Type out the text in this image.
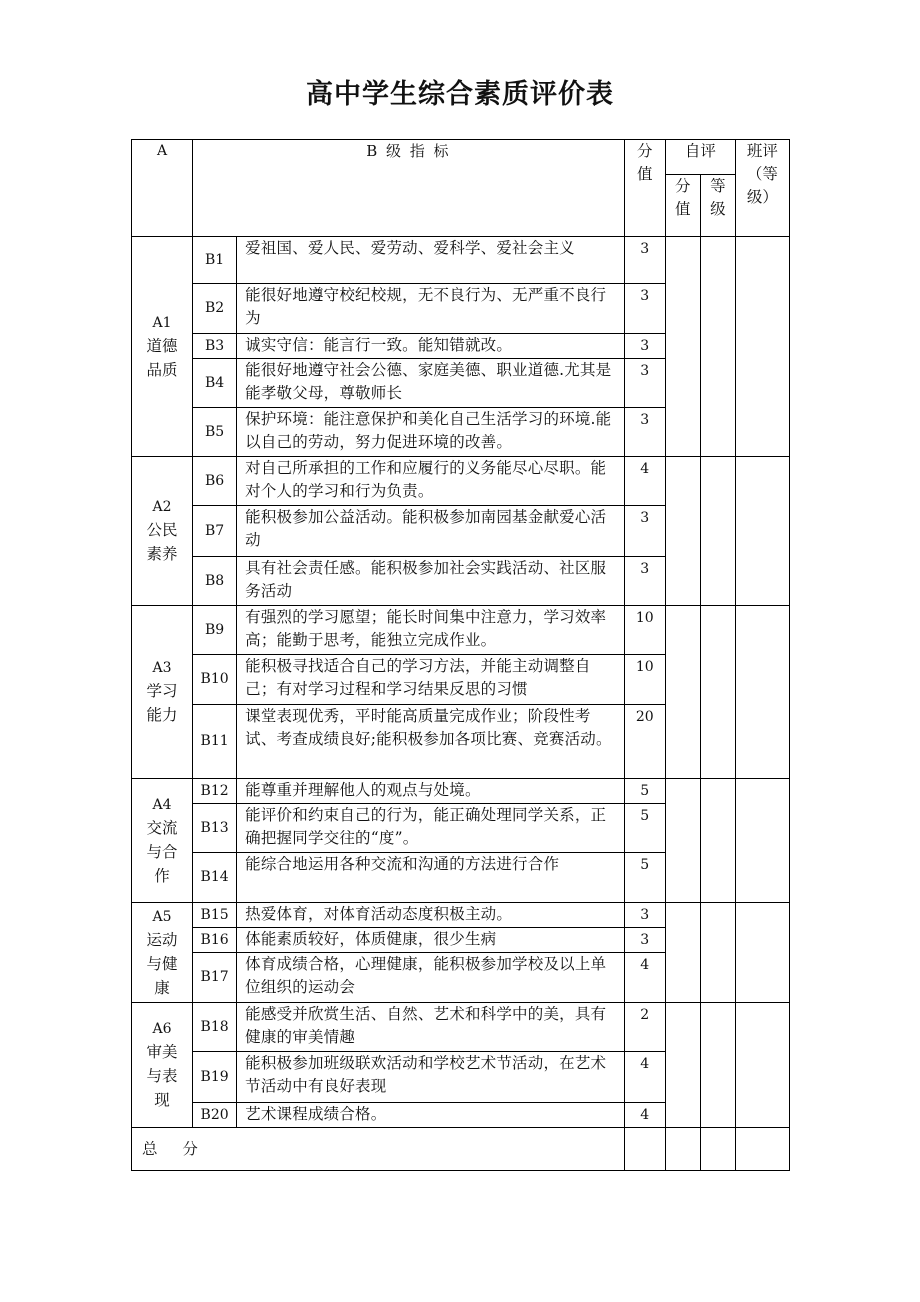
高中学生综合素质评价表
A	B 级 指 标		分值	自评		班评（等级）
				分值	等级	

A1
道德品质	B1	爱祖国、爱人民、爱劳动、爱科学、爱社会主义	3			
	B2	能很好地遵守校纪校规，无不良行为、无严重不良行为	3			
	B3	诚实守信：能言行一致。能知错就改。	3			
	B4	能很好地遵守社会公德、家庭美德、职业道德.尤其是能孝敬父母，尊敬师长	3			
	B5	保护环境：能注意保护和美化自己生活学习的环境.能以自己的劳动，努力促进环境的改善。	3			

A2
公民素养	B6	对自己所承担的工作和应履行的义务能尽心尽职。能对个人的学习和行为负责。	4			
	B7	能积极参加公益活动。能积极参加南园基金献爱心活动	3			
	B8	具有社会责任感。能积极参加社会实践活动、社区服务活动	3			

A3
学习能力	B9	有强烈的学习愿望；能长时间集中注意力，学习效率高；能勤于思考，能独立完成作业。	10			
	B10	能积极寻找适合自己的学习方法，并能主动调整自己；有对学习过程和学习结果反思的习惯	10			
	B11	课堂表现优秀，平时能高质量完成作业；阶段性考试、考查成绩良好;能积极参加各项比赛、竞赛活动。	20			

A4
交流与合作	B12	能尊重并理解他人的观点与处境。	5			
	B13	能评价和约束自己的行为，能正确处理同学关系，正确把握同学交往的“度”。	5			
	B14	能综合地运用各种交流和沟通的方法进行合作	5			

A5
运动与健康	B15	热爱体育，对体育活动态度积极主动。	3			
	B16	体能素质较好，体质健康，很少生病	3			
	B17	体育成绩合格，心理健康，能积极参加学校及以上单位组织的运动会	4			

A6
审美与表现	B18	能感受并欣赏生活、自然、艺术和科学中的美，具有健康的审美情趣	2			
	B19	能积极参加班级联欢活动和学校艺术节活动，在艺术节活动中有良好表现	4			
	B20	艺术课程成绩合格。	4			
总 分						
